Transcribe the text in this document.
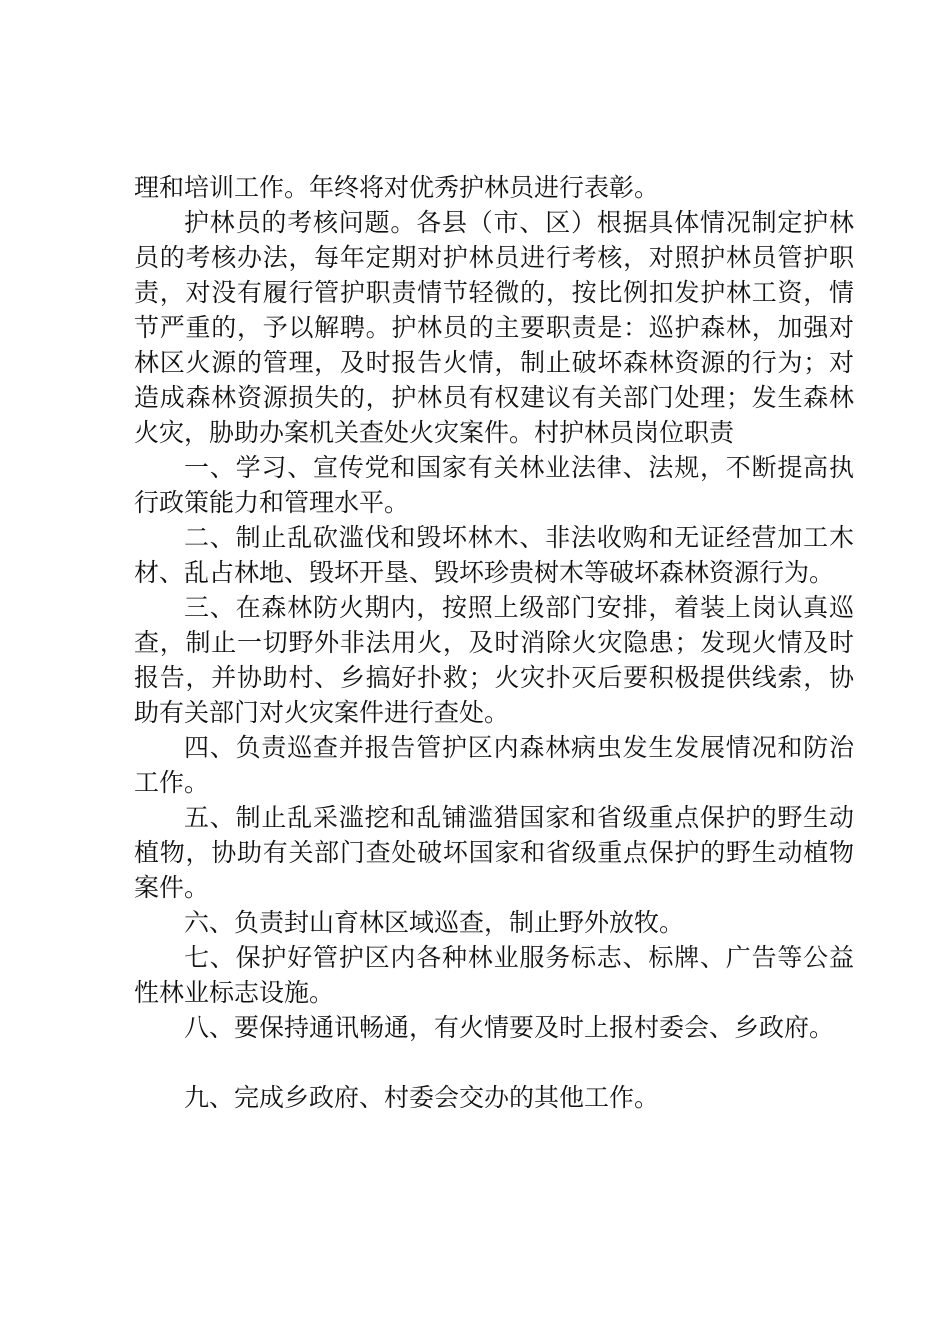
理和培训工作。年终将对优秀护林员进行表彰。

护林员的考核问题。各县（市、区）根据具体情况制定护林员的考核办法，每年定期对护林员进行考核，对照护林员管护职责，对没有履行管护职责情节轻微的，按比例扣发护林工资，情节严重的，予以解聘。护林员的主要职责是：巡护森林，加强对林区火源的管理，及时报告火情，制止破坏森林资源的行为；对造成森林资源损失的，护林员有权建议有关部门处理；发生森林火灾，胁助办案机关查处火灾案件。村护林员岗位职责

一、学习、宣传党和国家有关林业法律、法规，不断提高执行政策能力和管理水平。

二、制止乱砍滥伐和毁坏林木、非法收购和无证经营加工木材、乱占林地、毁坏开垦、毁坏珍贵树木等破坏森林资源行为。

三、在森林防火期内，按照上级部门安排，着装上岗认真巡查，制止一切野外非法用火，及时消除火灾隐患；发现火情及时报告，并协助村、乡搞好扑救；火灾扑灭后要积极提供线索，协助有关部门对火灾案件进行查处。

四、负责巡查并报告管护区内森林病虫发生发展情况和防治工作。

五、制止乱采滥挖和乱铺滥猎国家和省级重点保护的野生动植物，协助有关部门查处破坏国家和省级重点保护的野生动植物案件。

六、负责封山育林区域巡查，制止野外放牧。

七、保护好管护区内各种林业服务标志、标牌、广告等公益性林业标志设施。

八、要保持通讯畅通，有火情要及时上报村委会、乡政府。

九、完成乡政府、村委会交办的其他工作。
